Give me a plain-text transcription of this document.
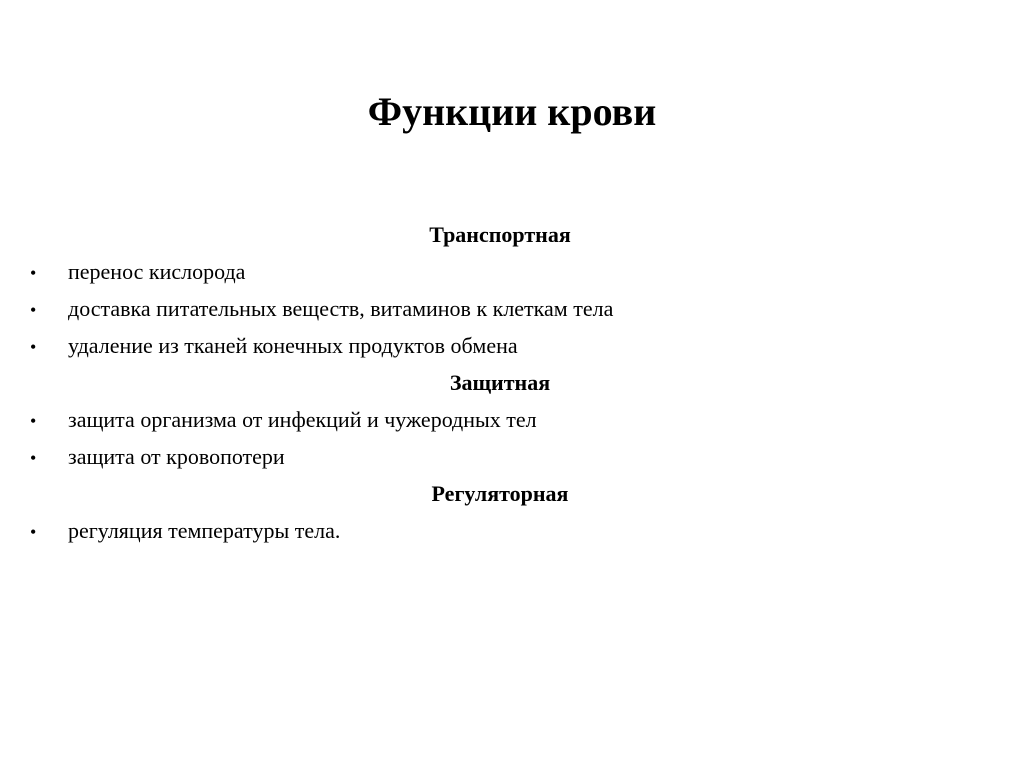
Функции крови
Транспортная
•	перенос кислорода
•	доставка питательных веществ, витаминов к клеткам тела
•	удаление из тканей конечных продуктов обмена
Защитная
•	защита организма от инфекций и чужеродных тел
•	защита от кровопотери
Регуляторная
•	регуляция температуры тела.
